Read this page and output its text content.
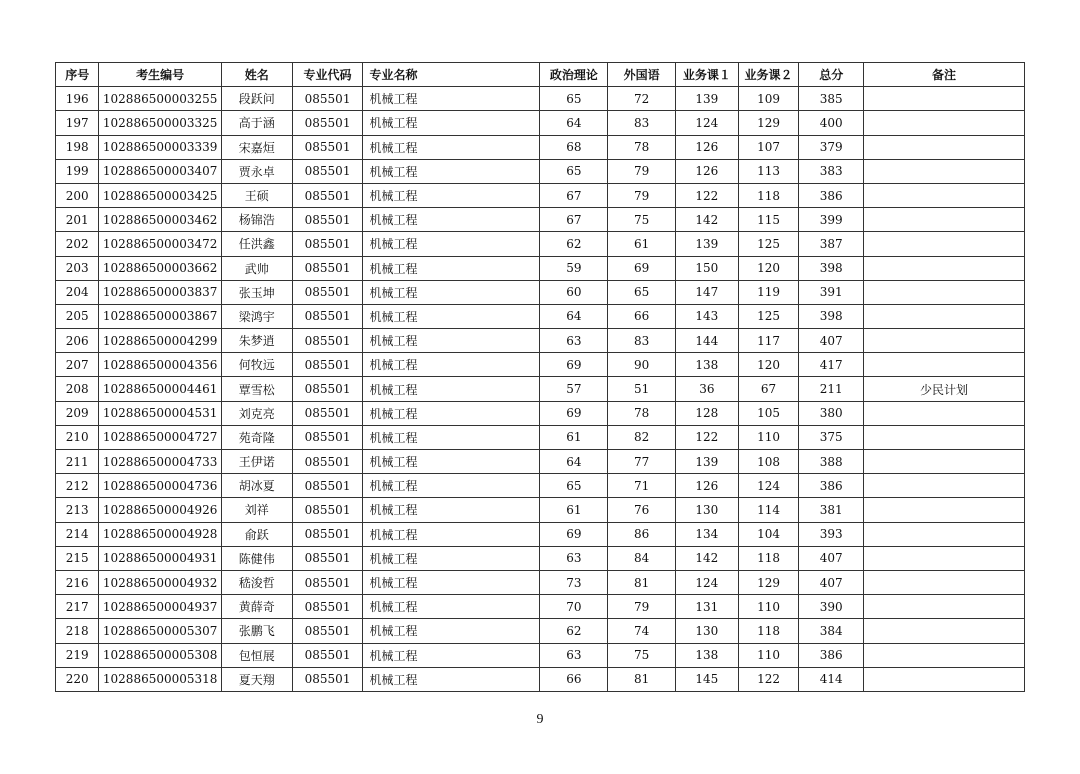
序号	考生编号	姓名	专业代码	专业名称	政治理论	外国语	业务课１	业务课２	总分	备注
196	102886500003255	段跃问	085501	机械工程	65	72	139	109	385	
197	102886500003325	高于涵	085501	机械工程	64	83	124	129	400	
198	102886500003339	宋嘉烜	085501	机械工程	68	78	126	107	379	
199	102886500003407	贾永卓	085501	机械工程	65	79	126	113	383	
200	102886500003425	王硕	085501	机械工程	67	79	122	118	386	
201	102886500003462	杨锦浩	085501	机械工程	67	75	142	115	399	
202	102886500003472	任洪鑫	085501	机械工程	62	61	139	125	387	
203	102886500003662	武帅	085501	机械工程	59	69	150	120	398	
204	102886500003837	张玉坤	085501	机械工程	60	65	147	119	391	
205	102886500003867	梁鸿宇	085501	机械工程	64	66	143	125	398	
206	102886500004299	朱梦逍	085501	机械工程	63	83	144	117	407	
207	102886500004356	何牧远	085501	机械工程	69	90	138	120	417	
208	102886500004461	覃雪松	085501	机械工程	57	51	36	67	211	少民计划
209	102886500004531	刘克亮	085501	机械工程	69	78	128	105	380	
210	102886500004727	苑奇隆	085501	机械工程	61	82	122	110	375	
211	102886500004733	王伊诺	085501	机械工程	64	77	139	108	388	
212	102886500004736	胡冰夏	085501	机械工程	65	71	126	124	386	
213	102886500004926	刘祥	085501	机械工程	61	76	130	114	381	
214	102886500004928	俞跃	085501	机械工程	69	86	134	104	393	
215	102886500004931	陈健伟	085501	机械工程	63	84	142	118	407	
216	102886500004932	嵇浚哲	085501	机械工程	73	81	124	129	407	
217	102886500004937	黄薛奇	085501	机械工程	70	79	131	110	390	
218	102886500005307	张鹏飞	085501	机械工程	62	74	130	118	384	
219	102886500005308	包恒展	085501	机械工程	63	75	138	110	386	
220	102886500005318	夏天翔	085501	机械工程	66	81	145	122	414	
9
